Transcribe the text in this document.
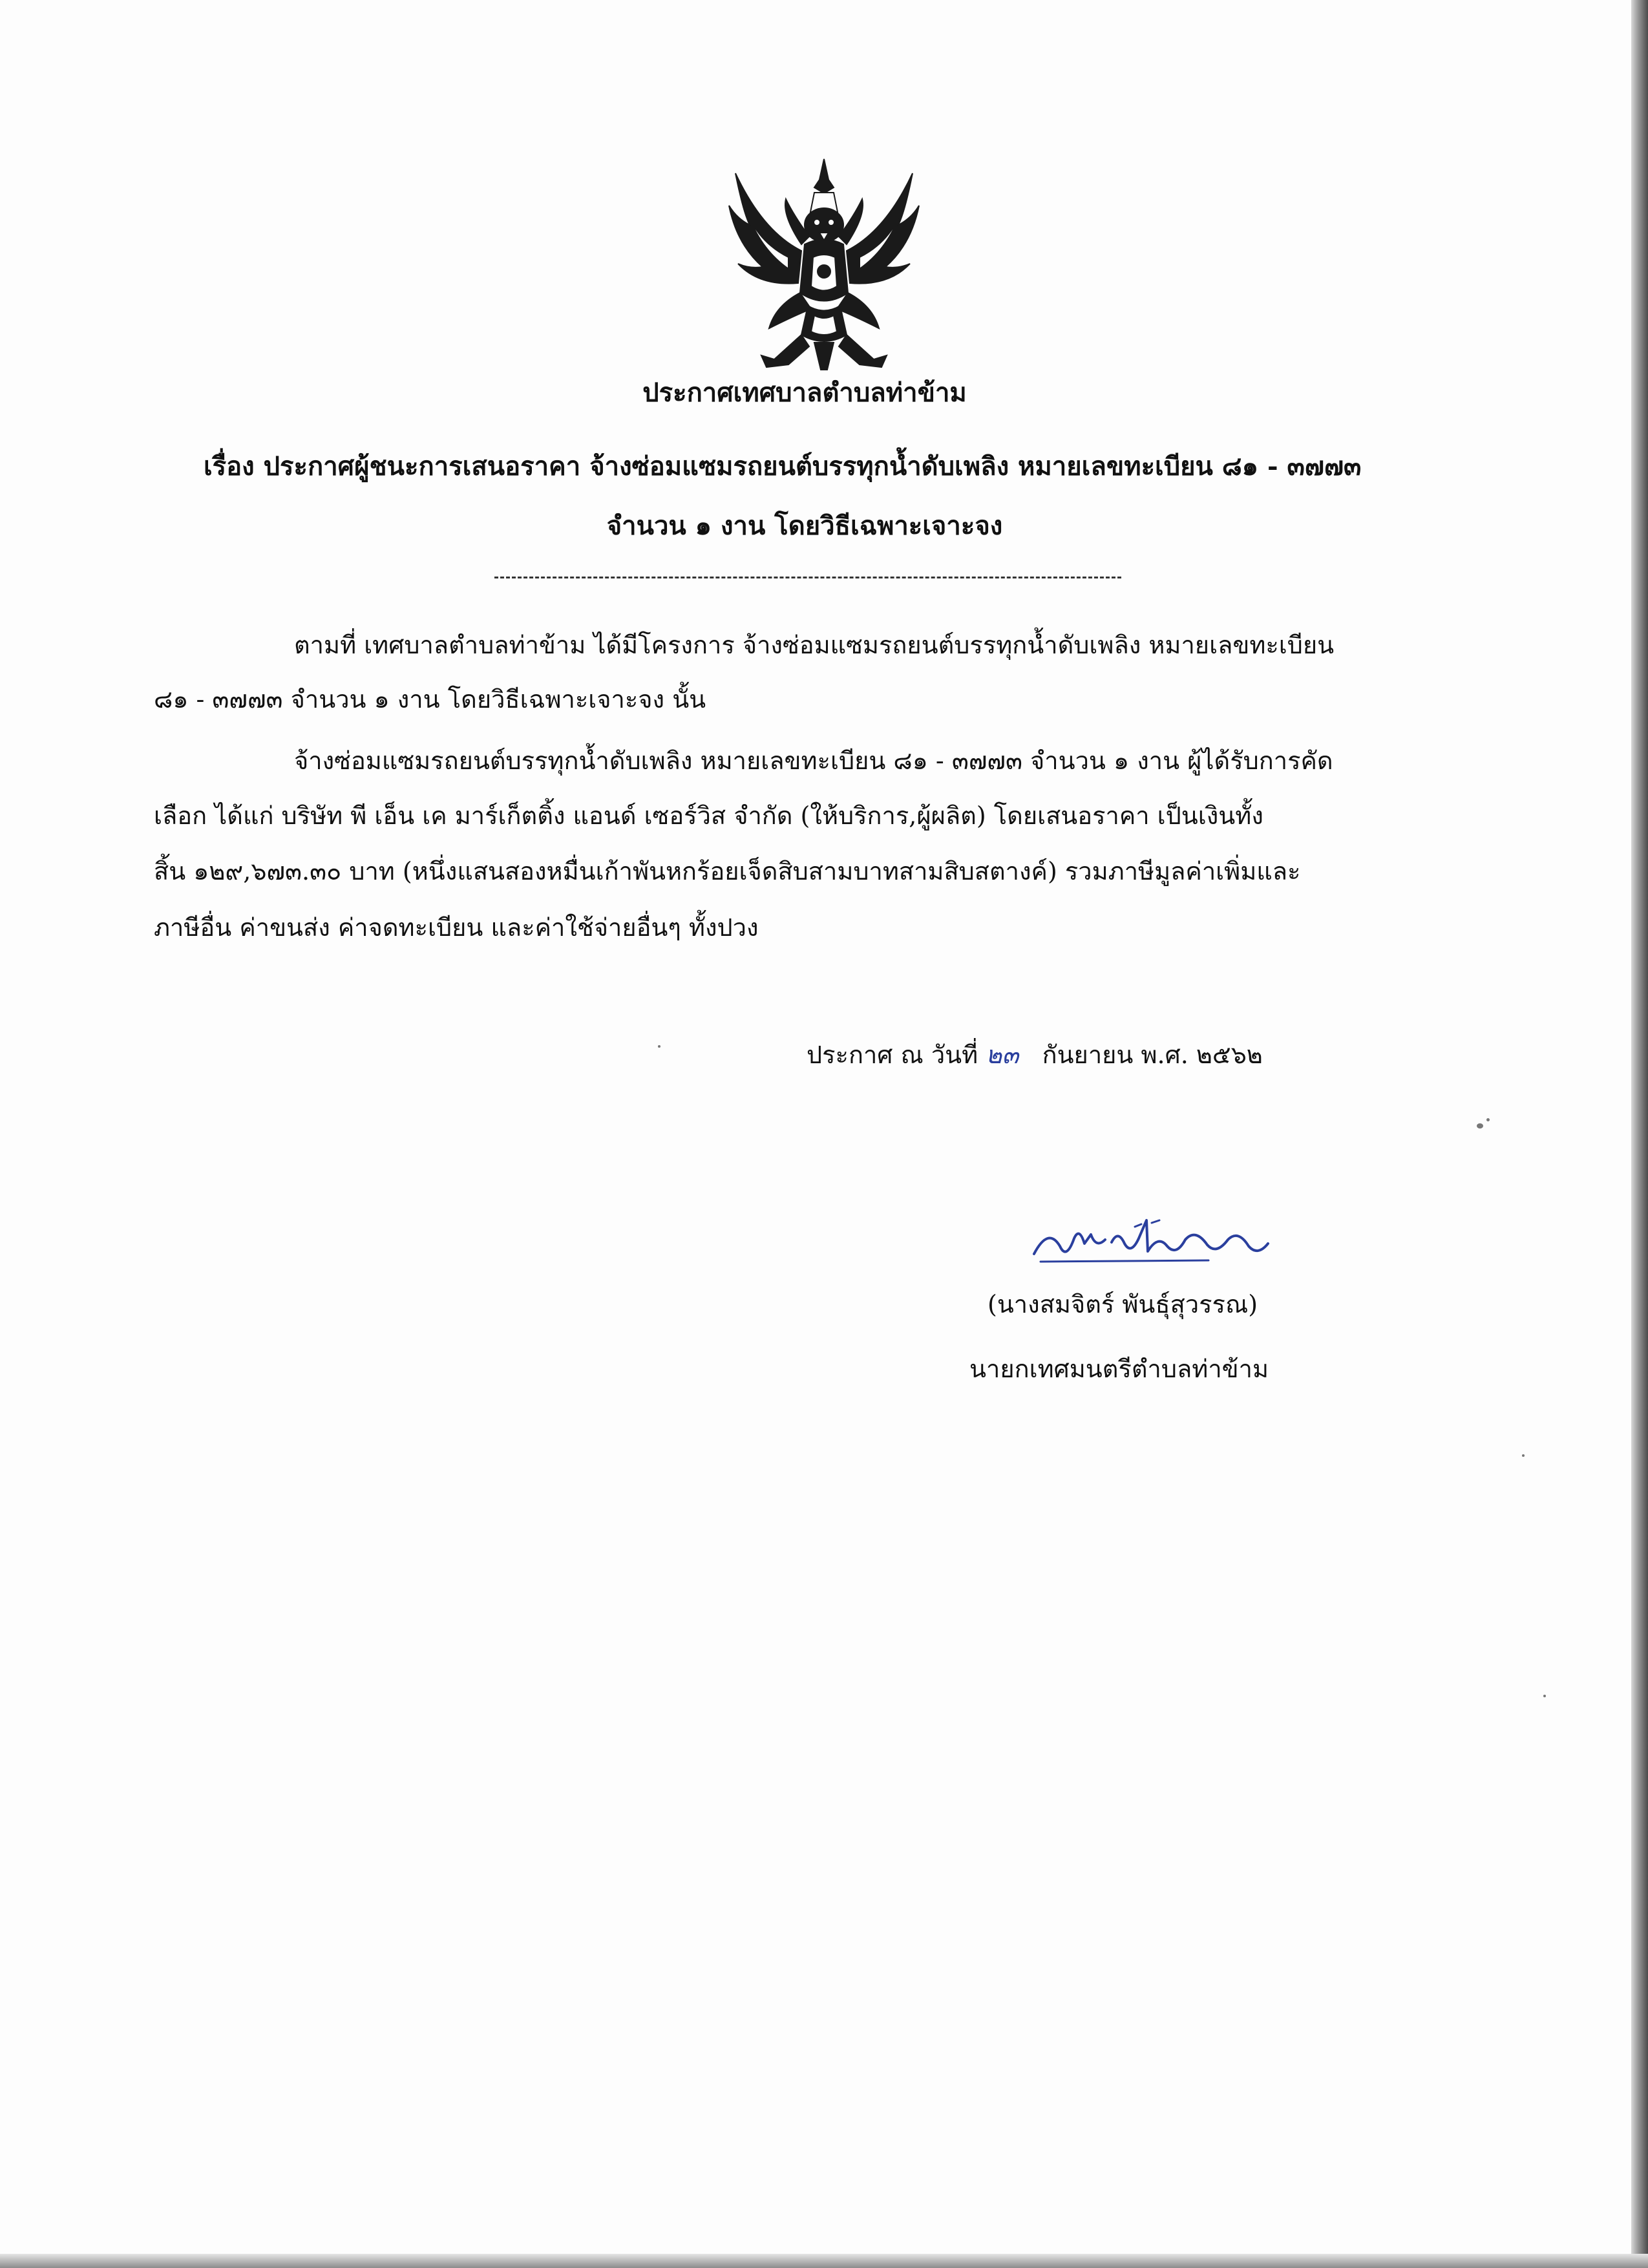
ประกาศเทศบาลตำบลท่าข้าม
เรื่อง ประกาศผู้ชนะการเสนอราคา จ้างซ่อมแซมรถยนต์บรรทุกน้ำดับเพลิง หมายเลขทะเบียน ๘๑ - ๓๗๗๓
จำนวน ๑ งาน โดยวิธีเฉพาะเจาะจง
ตามที่ เทศบาลตำบลท่าข้าม ได้มีโครงการ จ้างซ่อมแซมรถยนต์บรรทุกน้ำดับเพลิง หมายเลขทะเบียน
๘๑ - ๓๗๗๓ จำนวน ๑ งาน โดยวิธีเฉพาะเจาะจง นั้น
จ้างซ่อมแซมรถยนต์บรรทุกน้ำดับเพลิง หมายเลขทะเบียน ๘๑ - ๓๗๗๓ จำนวน ๑ งาน ผู้ได้รับการคัด
เลือก ได้แก่ บริษัท พี เอ็น เค มาร์เก็ตติ้ง แอนด์ เซอร์วิส จำกัด (ให้บริการ,ผู้ผลิต) โดยเสนอราคา เป็นเงินทั้ง
สิ้น ๑๒๙,๖๗๓.๓๐ บาท (หนึ่งแสนสองหมื่นเก้าพันหกร้อยเจ็ดสิบสามบาทสามสิบสตางค์) รวมภาษีมูลค่าเพิ่มและ
ภาษีอื่น ค่าขนส่ง ค่าจดทะเบียน และค่าใช้จ่ายอื่นๆ ทั้งปวง
ประกาศ ณ วันที่ ๒๓ กันยายน พ.ศ. ๒๕๖๒
(นางสมจิตร์ พันธุ์สุวรรณ)
นายกเทศมนตรีตำบลท่าข้าม
